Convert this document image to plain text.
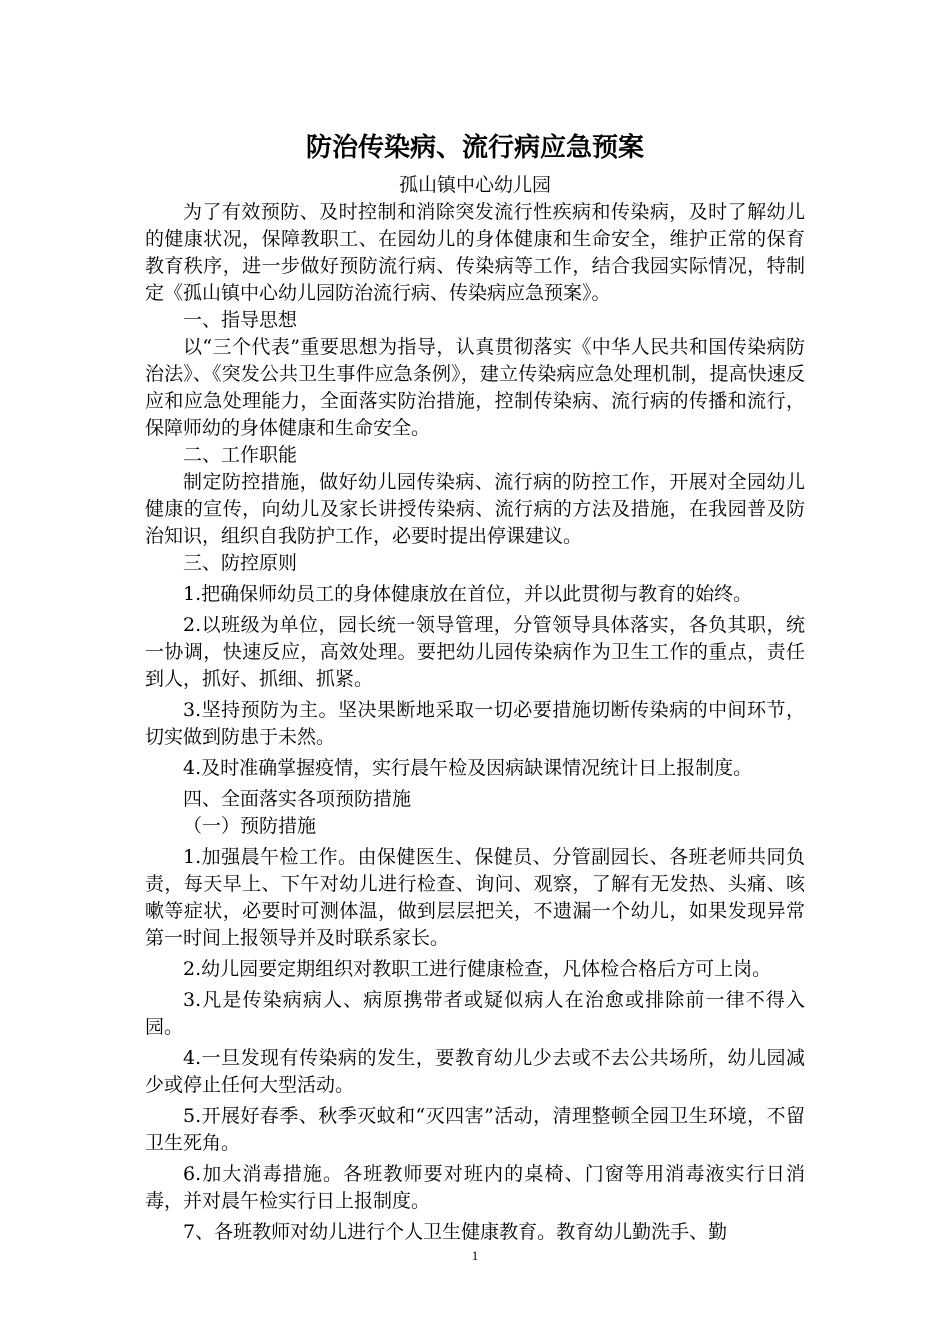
防治传染病、流行病应急预案
孤山镇中心幼儿园

为了有效预防、及时控制和消除突发流行性疾病和传染病，及时了解幼儿的健康状况，保障教职工、在园幼儿的身体健康和生命安全，维护正常的保育教育秩序，进一步做好预防流行病、传染病等工作，结合我园实际情况，特制定《孤山镇中心幼儿园防治流行病、传染病应急预案》。

一、指导思想

以“三个代表”重要思想为指导，认真贯彻落实《中华人民共和国传染病防治法》、《突发公共卫生事件应急条例》，建立传染病应急处理机制，提高快速反应和应急处理能力，全面落实防治措施，控制传染病、流行病的传播和流行，保障师幼的身体健康和生命安全。

二、工作职能

制定防控措施，做好幼儿园传染病、流行病的防控工作，开展对全园幼儿健康的宣传，向幼儿及家长讲授传染病、流行病的方法及措施，在我园普及防治知识，组织自我防护工作，必要时提出停课建议。

三、防控原则

1.把确保师幼员工的身体健康放在首位，并以此贯彻与教育的始终。

2.以班级为单位，园长统一领导管理，分管领导具体落实，各负其职，统一协调，快速反应，高效处理。要把幼儿园传染病作为卫生工作的重点，责任到人，抓好、抓细、抓紧。

3.坚持预防为主。坚决果断地采取一切必要措施切断传染病的中间环节，切实做到防患于未然。

4.及时准确掌握疫情，实行晨午检及因病缺课情况统计日上报制度。

四、全面落实各项预防措施

（一）预防措施

1.加强晨午检工作。由保健医生、保健员、分管副园长、各班老师共同负责，每天早上、下午对幼儿进行检查、询问、观察，了解有无发热、头痛、咳嗽等症状，必要时可测体温，做到层层把关，不遗漏一个幼儿，如果发现异常第一时间上报领导并及时联系家长。

2.幼儿园要定期组织对教职工进行健康检查，凡体检合格后方可上岗。

3.凡是传染病病人、病原携带者或疑似病人在治愈或排除前一律不得入园。

4.一旦发现有传染病的发生，要教育幼儿少去或不去公共场所，幼儿园减少或停止任何大型活动。

5.开展好春季、秋季灭蚊和“灭四害”活动，清理整顿全园卫生环境，不留卫生死角。

6.加大消毒措施。各班教师要对班内的桌椅、门窗等用消毒液实行日消毒，并对晨午检实行日上报制度。

7、各班教师对幼儿进行个人卫生健康教育。教育幼儿勤洗手、勤

1
